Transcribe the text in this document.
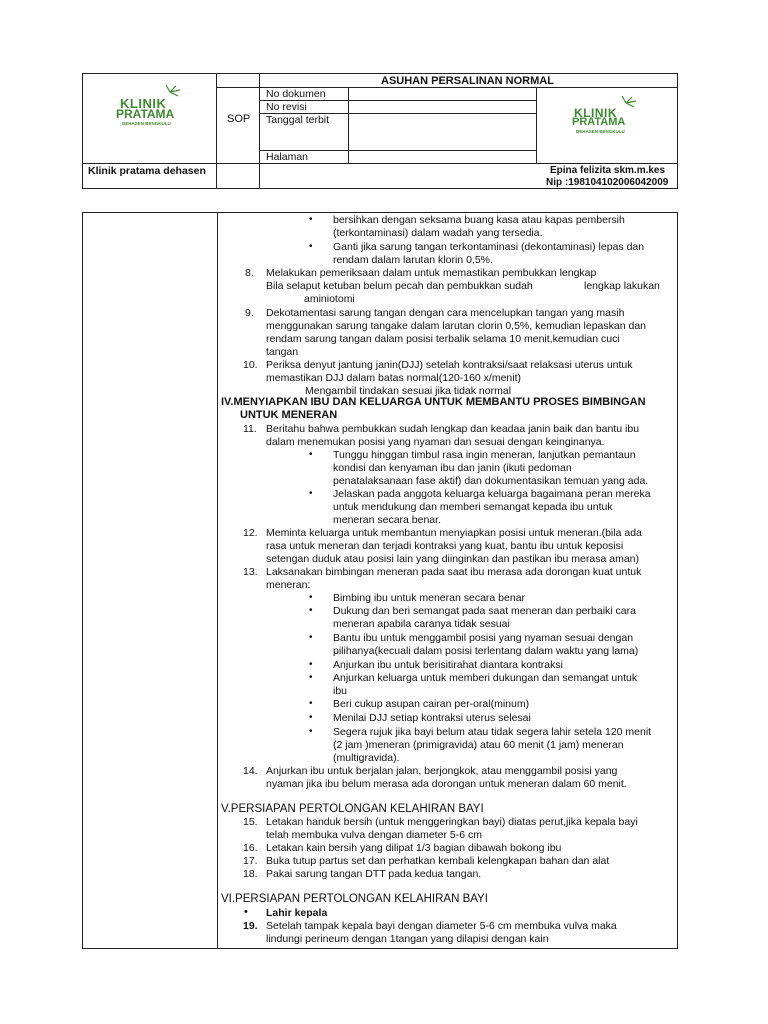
KLINIK
PRATAMA
DEHASEN BENGKULU
KLINIK
PRATAMA
DEHASEN BENGKULU
ASUHAN PERSALINAN NORMAL
SOP
No dokumen
No revisi
Tanggal terbit
Halaman
Klinik pratama dehasen	Epina felizita skm.m.kes
Nip :198104102006042009
• bersihkan dengan seksama buang kasa atau kapas pembersih
(terkontaminasi) dalam wadah yang tersedia.
• Ganti jika sarung tangan terkontaminasi (dekontaminasi) lepas dan
rendam dalam larutan klorin 0,5%.
8. Melakukan pemeriksaan dalam untuk memastikan pembukkan lengkap
Bila selaput ketuban belum pecah dan pembukkan sudah	lengkap lakukan
aminiotomi
9. Dekotamentasi sarung tangan dengan cara mencelupkan tangan yang masih
menggunakan sarung tangake dalam larutan clorin 0,5%, kemudian lepaskan dan
rendam sarung tangan dalam posisi terbalik selama 10 menit,kemudian cuci
tangan
10. Periksa denyut jantung janin(DJJ) setelah kontraksi/saat relaksasi uterus untuk
memastikan DJJ dalam batas normal(120-160 x/menit)
Mengambil tindakan sesuai jika tidak normal
IV.MENYIAPKAN IBU DAN KELUARGA UNTUK MEMBANTU PROSES BIMBINGAN
UNTUK MENERAN
11. Beritahu bahwa pembukkan sudah lengkap dan keadaa janin baik dan bantu ibu
dalam menemukan posisi yang nyaman dan sesuai dengan keinginanya.
• Tunggu hinggan timbul rasa ingin meneran, lanjutkan pemantaun
kondisi dan kenyaman ibu dan janin (ikuti pedoman
penatalaksanaan fase aktif) dan dokumentasikan temuan yang ada.
• Jelaskan pada anggota keluarga keluarga bagaimana peran mereka
untuk mendukung dan memberi semangat kepada ibu untuk
meneran secara benar.
12. Meminta keluarga untuk membantun menyiapkan posisi untuk meneran.(bila ada
rasa untuk meneran dan terjadi kontraksi yang kuat, bantu ibu untuk keposisi
setengan duduk atau posisi lain yang diinginkan dan pastikan ibu merasa aman)
13. Laksanakan bimbingan meneran pada saat ibu merasa ada dorongan kuat untuk
meneran:
• Bimbing ibu untuk meneran secara benar
• Dukung dan beri semangat pada saat meneran dan perbaiki cara
meneran apabila caranya tidak sesuai
• Bantu ibu untuk menggambil posisi yang nyaman sesuai dengan
pilihanya(kecuali dalam posisi terlentang dalam waktu yang lama)
• Anjurkan ibu untuk berisitirahat diantara kontraksi
• Anjurkan keluarga untuk memberi dukungan dan semangat untuk
ibu
• Beri cukup asupan cairan per-oral(minum)
• Menilai DJJ setiap kontraksi uterus selesai
• Segera rujuk jika bayi belum atau tidak segera lahir setela 120 menit
(2 jam )meneran (primigravida) atau 60 menit (1 jam) meneran
(multigravida).
14. Anjurkan ibu untuk berjalan jalan, berjongkok, atau menggambil posisi yang
nyaman jika ibu belum merasa ada dorongan untuk meneran dalam 60 menit.
V.PERSIAPAN PERTOLONGAN KELAHIRAN BAYI
15. Letakan handuk bersih (untuk menggeringkan bayi) diatas perut,jika kepala bayi
telah membuka vulva dengan diameter 5-6 cm
16. Letakan kain bersih yang dilipat 1/3 bagian dibawah bokong ibu
17. Buka tutup partus set dan perhatkan kembali kelengkapan bahan dan alat
18. Pakai sarung tangan DTT pada kedua tangan.
VI.PERSIAPAN PERTOLONGAN KELAHIRAN BAYI
Lahir kepala
•
19. Setelah tampak kepala bayi dengan diameter 5-6 cm membuka vulva maka
lindungi perineum dengan 1tangan yang dilapisi dengan kain
